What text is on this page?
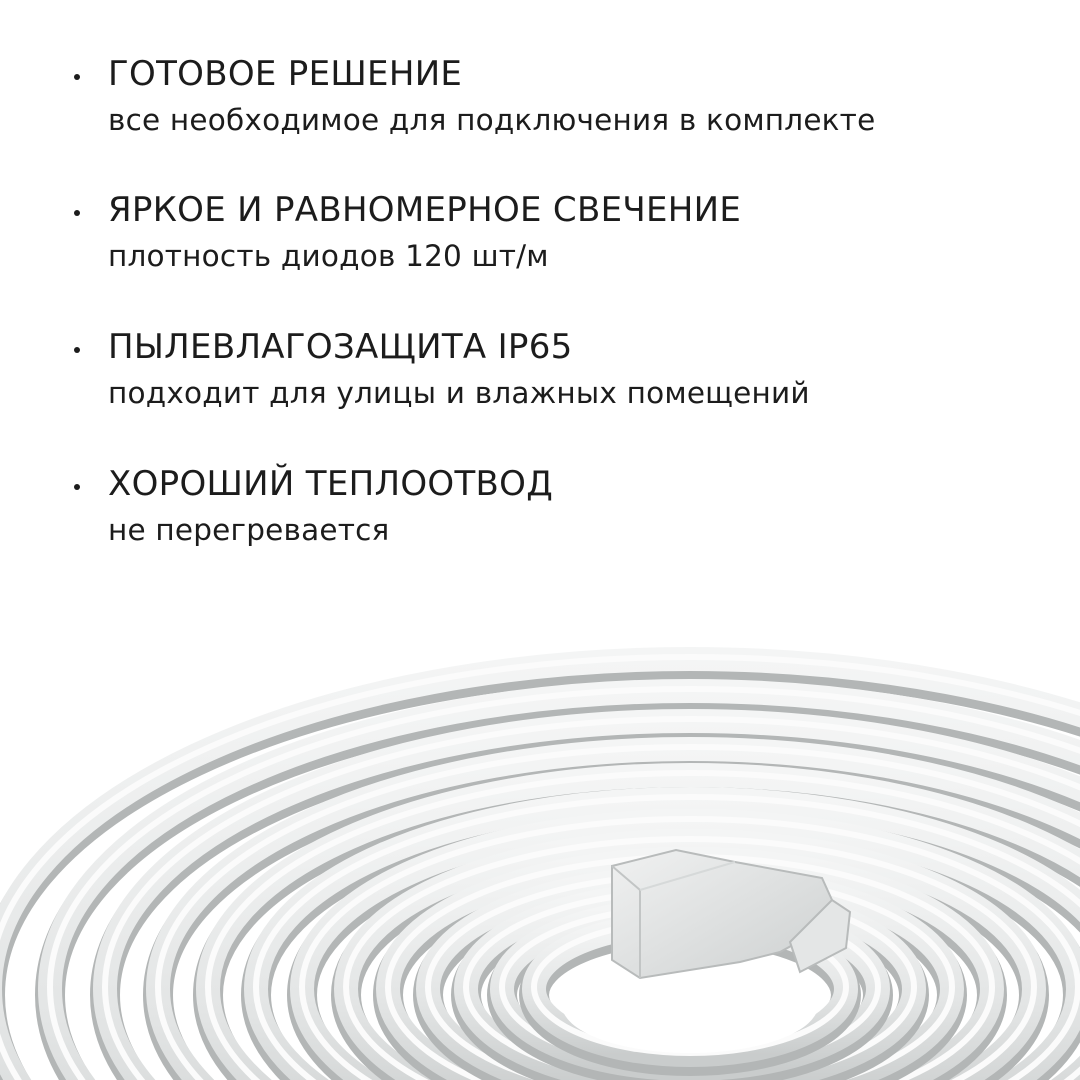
ГОТОВОЕ РЕШЕНИЕ
все необходимое для подключения в комплекте
ЯРКОЕ И РАВНОМЕРНОЕ СВЕЧЕНИЕ
плотность диодов 120 шт/м
ПЫЛЕВЛАГОЗАЩИТА IP65
подходит для улицы и влажных помещений
ХОРОШИЙ ТЕПЛООТВОД
не перегревается
